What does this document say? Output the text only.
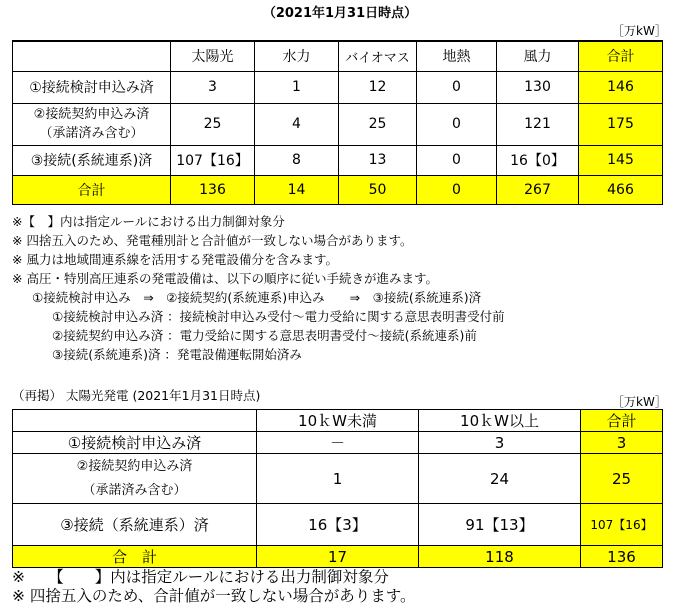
（2021年1月31日時点）
［万kW］
	太陽光	水力	バイオマス	地熱	風力	合計
①接続検討申込み済	3	1	12	0	130	146

②接続契約申込み済
（承諾済み含む）	25	4	25	0	121	175
③接続(系統連系)済	107【16】	8	13	0	16【0】	145
合計	136	14	50	0	267	466
※【　】内は指定ルールにおける出力制御対象分
※ 四捨五入のため、発電種別計と合計値が一致しない場合があります。
※ 風力は地域間連系線を活用する発電設備分を含みます。
※ 高圧・特別高圧連系の発電設備は、以下の順序に従い手続きが進みます。
①接続検討申込み　⇒　②接続契約(系統連系)申込み　　⇒　③接続(系統連系)済
①接続検討申込み済 ：接続検討申込み受付～電力受給に関する意思表明書受付前
②接続契約申込み済 ：電力受給に関する意思表明書受付～接続(系統連系)前
③接続(系統連系)済 ：発電設備運転開始済み
（再掲） 太陽光発電 (2021年1月31日時点)	［万kW］
	10ｋW未満	10ｋW以上	合計
①接続検討申込み済	－	3	3

②接続契約申込み済
（承諾済み含む）	1	24	25
③接続（系統連系）済	16【3】	91【13】	107【16】
合　計	17	118	136
※　　【　　】内は指定ルールにおける出力制御対象分
※ 四捨五入のため、合計値が一致しない場合があります。
